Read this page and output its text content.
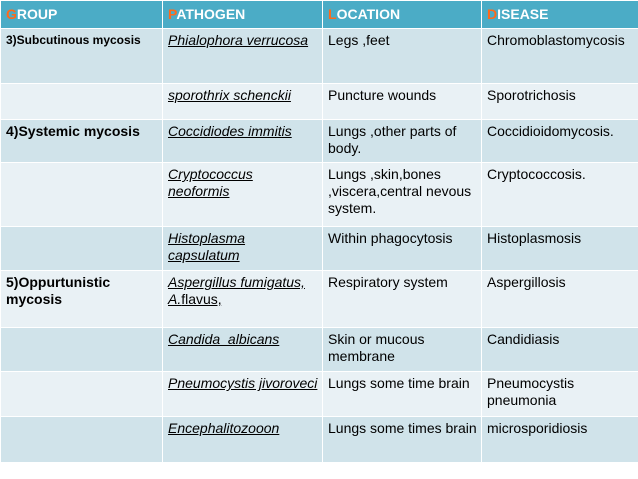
GROUP	PATHOGEN	LOCATION	DISEASE
3)Subcutinous mycosis	Phialophora verrucosa	Legs ,feet	Chromoblastomycosis
	sporothrix schenckii	Puncture wounds	Sporotrichosis
4)Systemic mycosis	Coccidiodes immitis	Lungs ,other parts of body.	Coccidioidomycosis.
	Cryptococcus neoformis	Lungs ,skin,bones ,viscera,central nevous system.	Cryptococcosis.
	Histoplasma capsulatum	Within phagocytosis	Histoplasmosis
5)Oppurtunistic mycosis	Aspergillus fumigatus, A.flavus,	Respiratory system	Aspergillosis
	Candida  albicans	Skin or mucous membrane	Candidiasis
	Pneumocystis jivoroveci	Lungs some time brain	Pneumocystis pneumonia
	Encephalitozooon	Lungs some times brain	microsporidiosis
